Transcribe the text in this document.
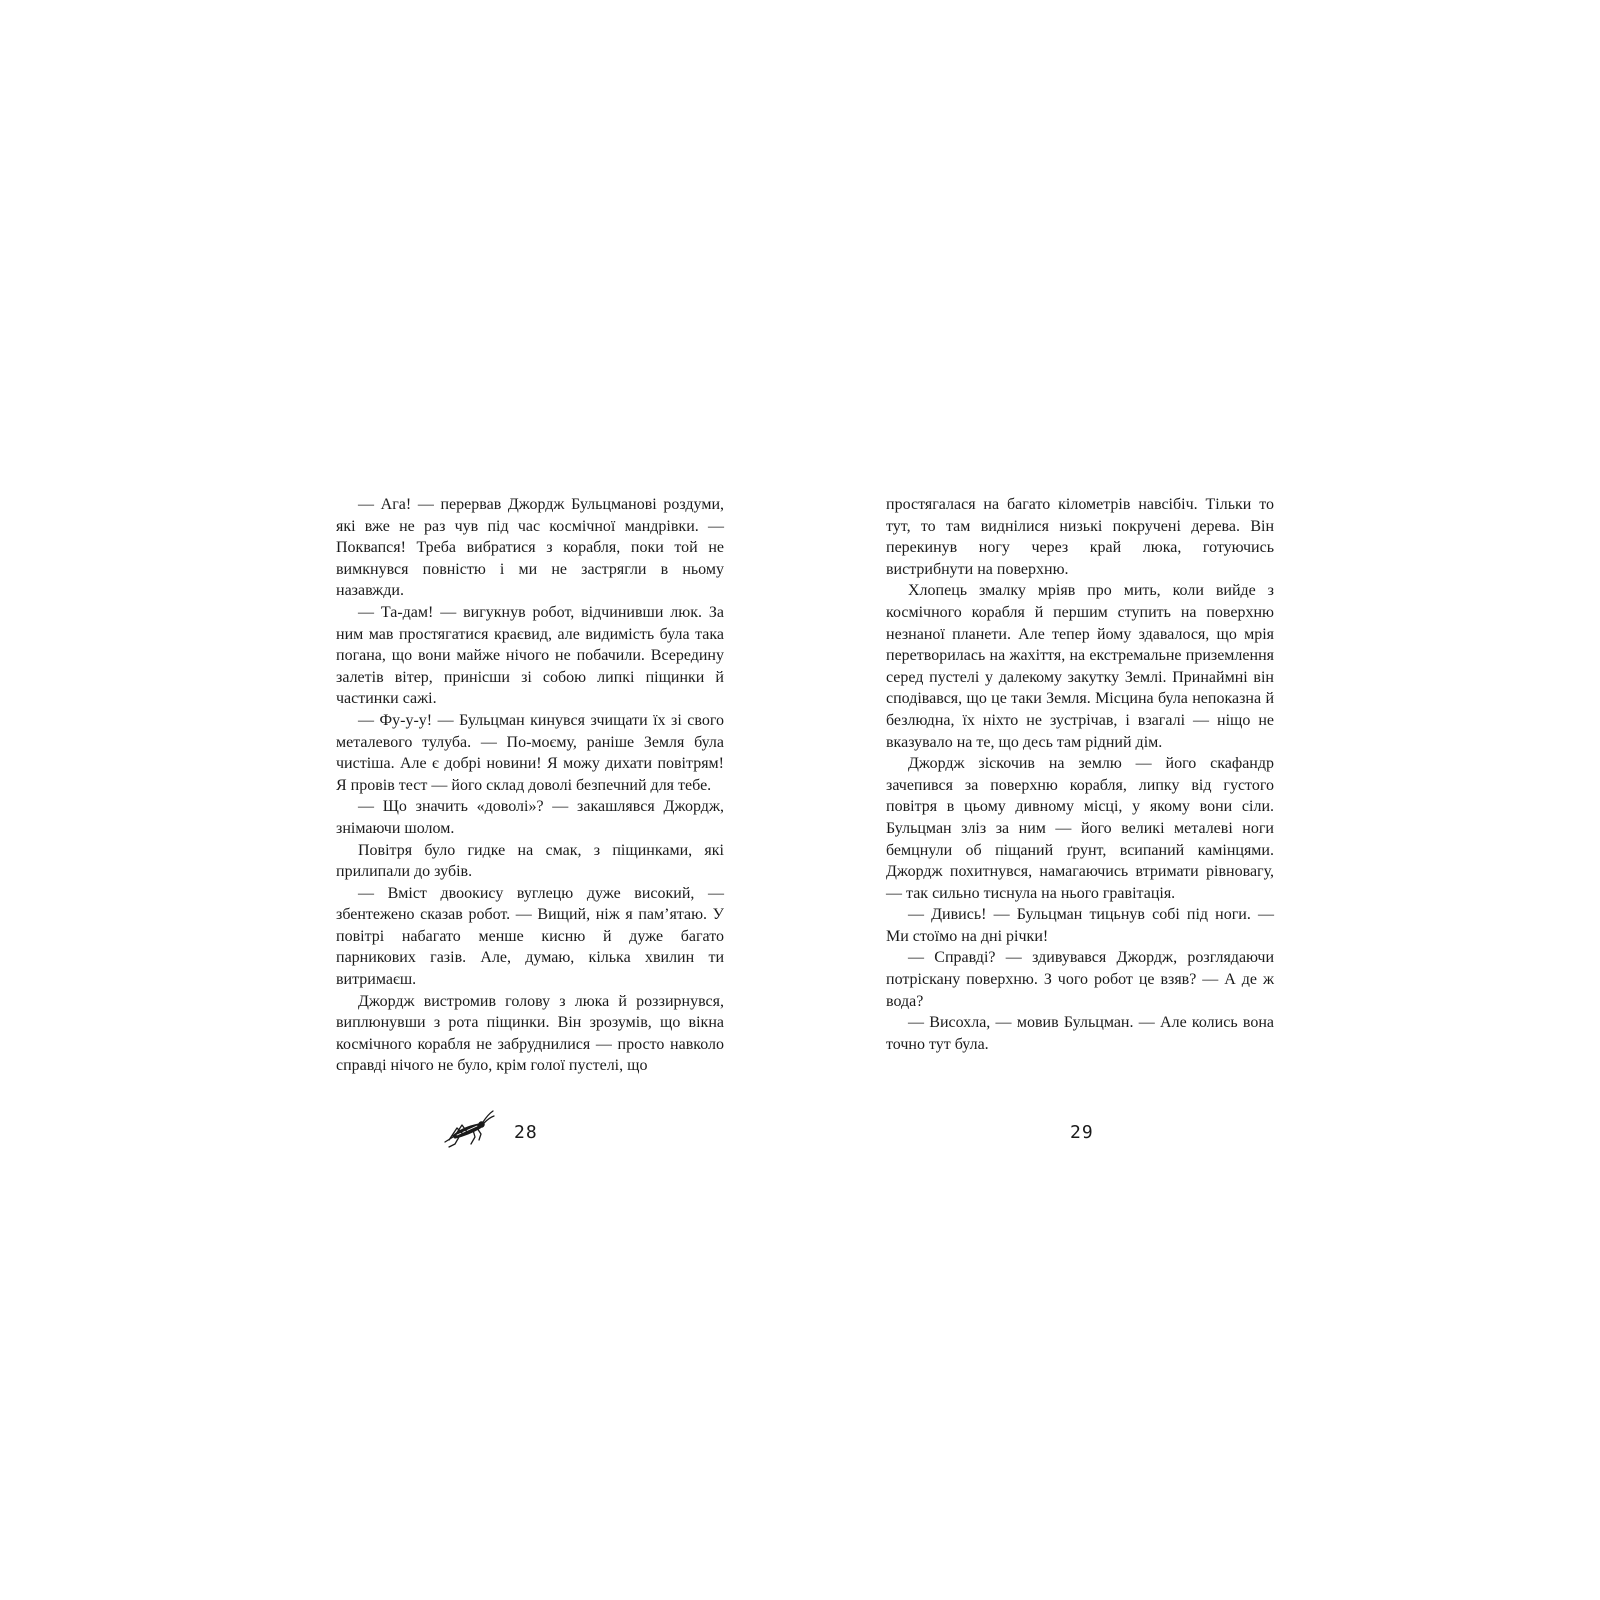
— Ага! — перервав Джордж Бульцманові роздуми, які вже не раз чув під час космічної мандрівки. — Поквапся! Треба вибратися з корабля, поки той не вимкнувся повністю і ми не застрягли в ньому назавжди.

— Та-дам! — вигукнув робот, відчинивши люк. За ним мав простягатися краєвид, але видимість була така погана, що вони майже нічого не побачили. Всередину залетів вітер, принісши зі собою липкі піщинки й частинки сажі.

— Фу-у-у! — Бульцман кинувся зчищати їх зі свого металевого тулуба. — По-моєму, раніше Земля була чистіша. Але є добрі новини! Я можу дихати повітрям! Я провів тест — його склад доволі безпечний для тебе.

— Що значить «доволі»? — закашлявся Джордж, знімаючи шолом.

Повітря було гидке на смак, з піщинками, які прилипали до зубів.

— Вміст двоокису вуглецю дуже високий, — збентежено сказав робот. — Вищий, ніж я пам’ятаю. У повітрі набагато менше кисню й дуже багато парникових газів. Але, думаю, кілька хвилин ти витримаєш.

Джордж вистромив голову з люка й роззирнувся, виплюнувши з рота піщинки. Він зрозумів, що вікна космічного корабля не забруднилися — просто навколо справді нічого не було, крім голої пустелі, що

простягалася на багато кілометрів навсібіч. Тільки то тут, то там виднілися низькі покручені дерева. Він перекинув ногу через край люка, готуючись вистрибнути на поверхню.

Хлопець змалку мріяв про мить, коли вийде з космічного корабля й першим ступить на поверхню незнаної планети. Але тепер йому здавалося, що мрія перетворилась на жахіття, на екстремальне приземлення серед пустелі у далекому закутку Землі. Принаймні він сподівався, що це таки Земля. Місцина була непоказна й безлюдна, їх ніхто не зустрічав, і взагалі — ніщо не вказувало на те, що десь там рідний дім.

Джордж зіскочив на землю — його скафандр зачепився за поверхню корабля, липку від густого повітря в цьому дивному місці, у якому вони сіли. Бульцман зліз за ним — його великі металеві ноги бемцнули об піщаний ґрунт, всипаний камінцями. Джордж похитнувся, намагаючись втримати рівновагу, — так сильно тиснула на нього гравітація.

— Дивись! — Бульцман тицьнув собі під ноги. — Ми стоїмо на дні річки!

— Справді? — здивувався Джордж, розглядаючи потріскану поверхню. З чого робот це взяв? — А де ж вода?

— Висохла, — мовив Бульцман. — Але колись вона точно тут була.

28	29
